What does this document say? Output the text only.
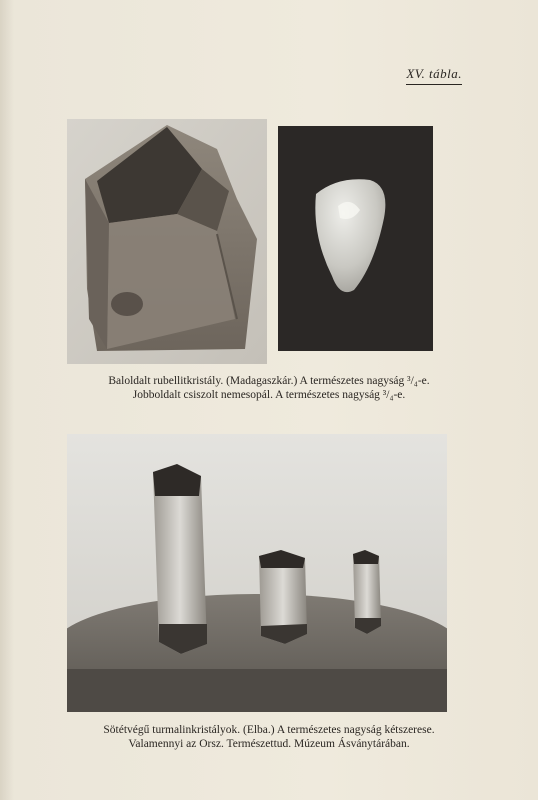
XV. tábla.
Baloldalt rubellitkristály. (Madagaszkár.) A természetes nagyság ³/₄-e.
Jobboldalt csiszolt nemesopál. A természetes nagyság ³/₄-e.
Sötétvégű turmalinkristályok. (Elba.) A természetes nagyság kétszerese.
Valamennyi az Orsz. Természettud. Múzeum Ásványtárában.
